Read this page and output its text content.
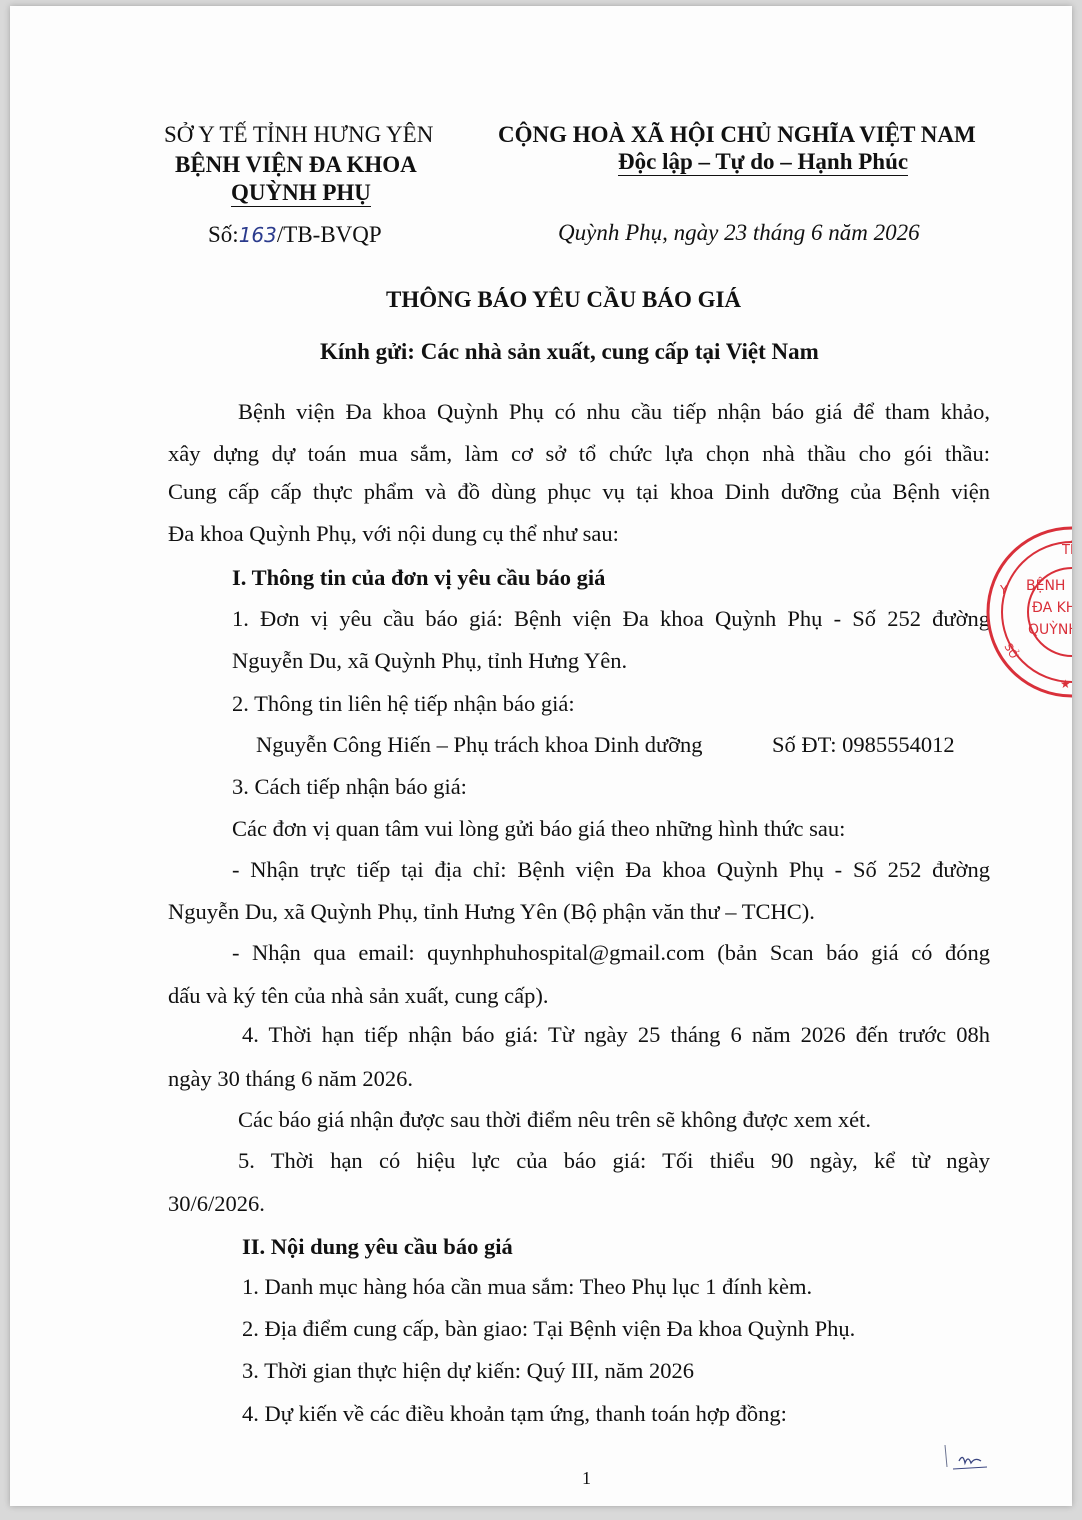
SỞ Y TẾ TỈNH HƯNG YÊN
BỆNH VIỆN ĐA KHOA
QUỲNH PHỤ
CỘNG HOÀ XÃ HỘI CHỦ NGHĨA VIỆT NAM
Độc lập – Tự do – Hạnh Phúc
Số:163/TB-BVQP	Quỳnh Phụ, ngày 23 tháng 6 năm 2026
THÔNG BÁO YÊU CẦU BÁO GIÁ
Kính gửi: Các nhà sản xuất, cung cấp tại Việt Nam
Bệnh viện Đa khoa Quỳnh Phụ có nhu cầu tiếp nhận báo giá để tham khảo,
xây dựng dự toán mua sắm, làm cơ sở tổ chức lựa chọn nhà thầu cho gói thầu:
Cung cấp cấp thực phẩm và đồ dùng phục vụ tại khoa Dinh dưỡng của Bệnh viện
Đa khoa Quỳnh Phụ, với nội dung cụ thể như sau:
I. Thông tin của đơn vị yêu cầu báo giá
1. Đơn vị yêu cầu báo giá: Bệnh viện Đa khoa Quỳnh Phụ - Số 252 đường
Nguyễn Du, xã Quỳnh Phụ, tỉnh Hưng Yên.
2. Thông tin liên hệ tiếp nhận báo giá:
Nguyễn Công Hiến – Phụ trách khoa Dinh dưỡng	Số ĐT: 0985554012
3. Cách tiếp nhận báo giá:
Các đơn vị quan tâm vui lòng gửi báo giá theo những hình thức sau:
- Nhận trực tiếp tại địa chỉ: Bệnh viện Đa khoa Quỳnh Phụ - Số 252 đường
Nguyễn Du, xã Quỳnh Phụ, tỉnh Hưng Yên (Bộ phận văn thư – TCHC).
- Nhận qua email: quynhphuhospital@gmail.com (bản Scan báo giá có đóng
dấu và ký tên của nhà sản xuất, cung cấp).
4. Thời hạn tiếp nhận báo giá: Từ ngày 25 tháng 6 năm 2026 đến trước 08h
ngày 30 tháng 6 năm 2026.
Các báo giá nhận được sau thời điểm nêu trên sẽ không được xem xét.
5. Thời hạn có hiệu lực của báo giá: Tối thiểu 90 ngày, kể từ ngày
30/6/2026.
II. Nội dung yêu cầu báo giá
1. Danh mục hàng hóa cần mua sắm: Theo Phụ lục 1 đính kèm.
2. Địa điểm cung cấp, bàn giao: Tại Bệnh viện Đa khoa Quỳnh Phụ.
3. Thời gian thực hiện dự kiến: Quý III, năm 2026
4. Dự kiến về các điều khoản tạm ứng, thanh toán hợp đồng:
1
TỈ
BỆNH
ĐA KH
QUỲNH
Y
SỞ
★
